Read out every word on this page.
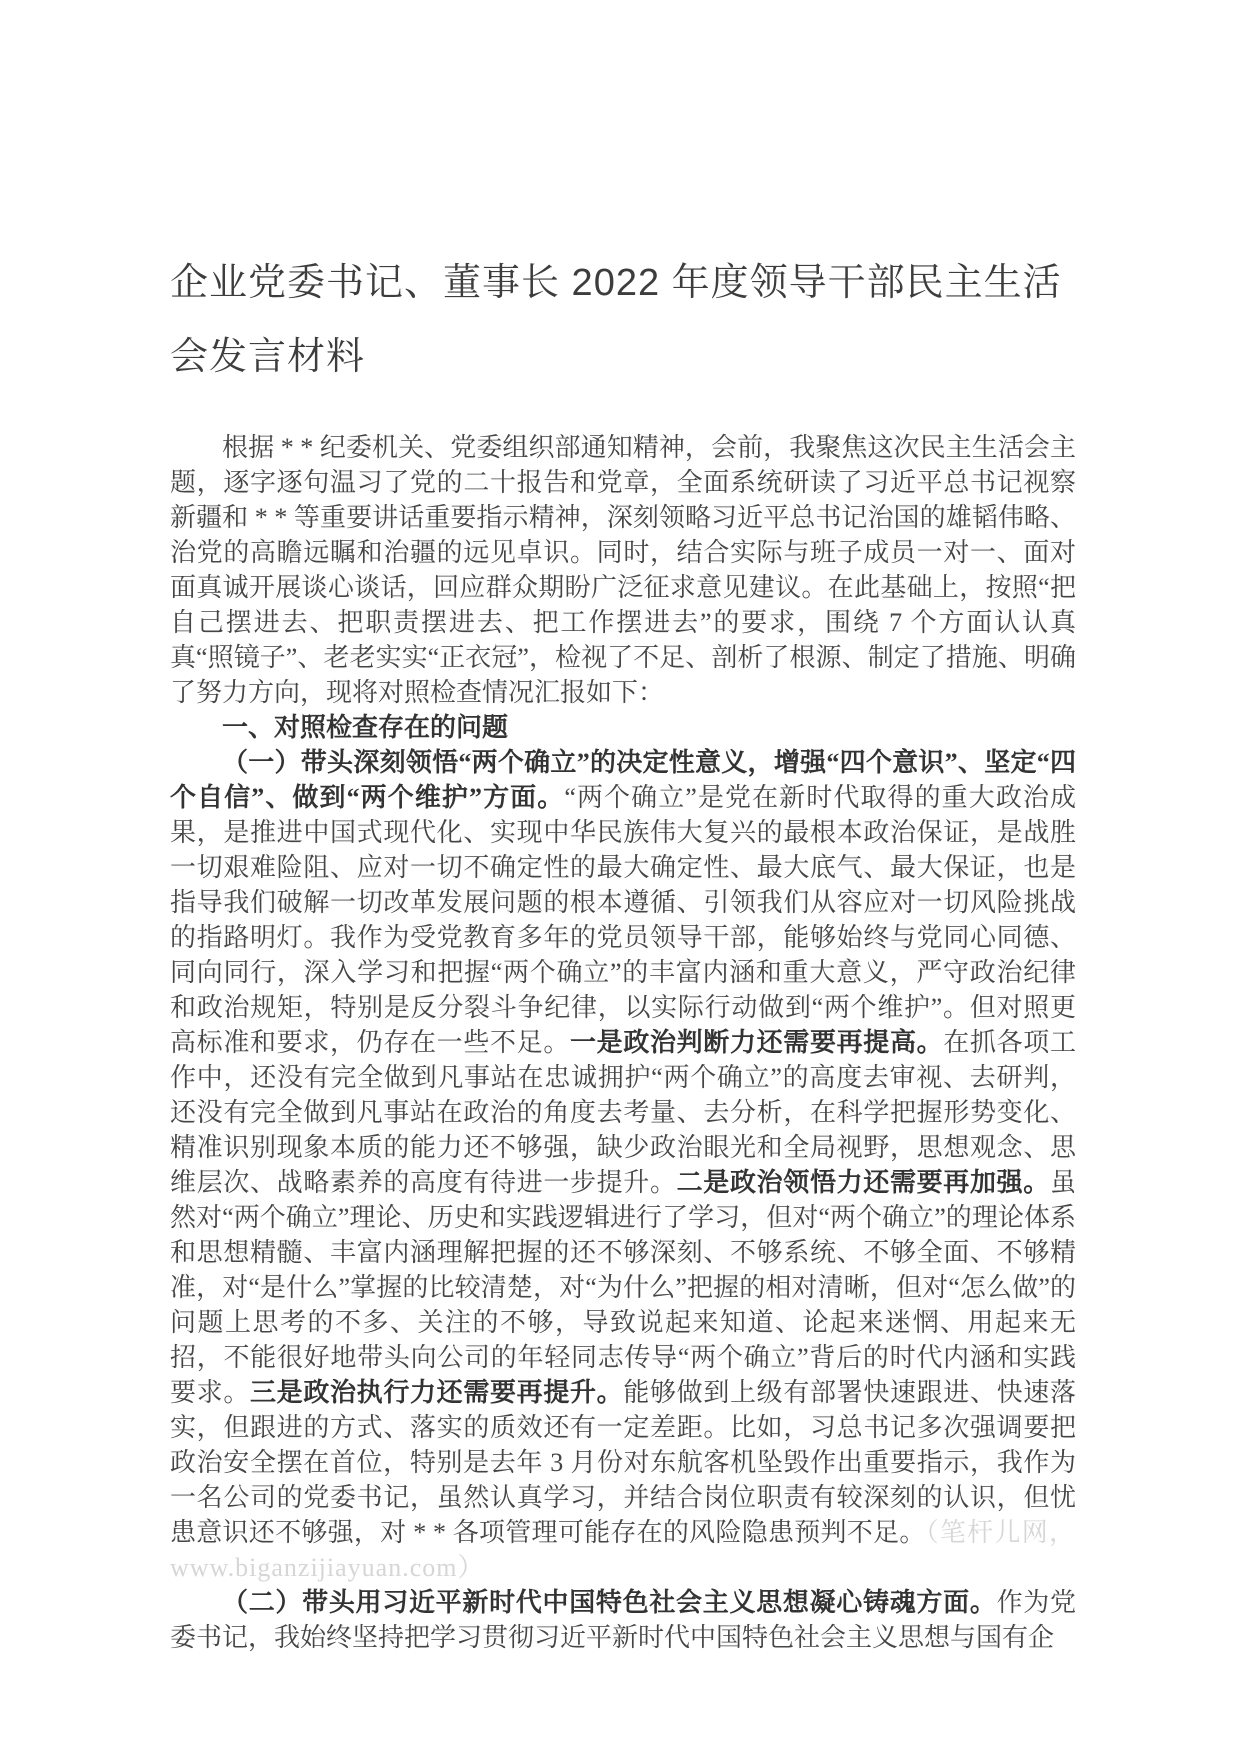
企业党委书记、董事长 2022 年度领导干部民主生活会发言材料

根据 * * 纪委机关、党委组织部通知精神，会前，我聚焦这次民主生活会主题，逐字逐句温习了党的二十报告和党章，全面系统研读了习近平总书记视察新疆和 * * 等重要讲话重要指示精神，深刻领略习近平总书记治国的雄韬伟略、治党的高瞻远瞩和治疆的远见卓识。同时，结合实际与班子成员一对一、面对面真诚开展谈心谈话，回应群众期盼广泛征求意见建议。在此基础上，按照“把自己摆进去、把职责摆进去、把工作摆进去”的要求，围绕 7 个方面认认真真“照镜子”、老老实实“正衣冠”，检视了不足、剖析了根源、制定了措施、明确了努力方向，现将对照检查情况汇报如下：

一、对照检查存在的问题

（一）带头深刻领悟“两个确立”的决定性意义，增强“四个意识”、坚定“四个自信”、做到“两个维护”方面。“两个确立”是党在新时代取得的重大政治成果，是推进中国式现代化、实现中华民族伟大复兴的最根本政治保证，是战胜一切艰难险阻、应对一切不确定性的最大确定性、最大底气、最大保证，也是指导我们破解一切改革发展问题的根本遵循、引领我们从容应对一切风险挑战的指路明灯。我作为受党教育多年的党员领导干部，能够始终与党同心同德、同向同行，深入学习和把握“两个确立”的丰富内涵和重大意义，严守政治纪律和政治规矩，特别是反分裂斗争纪律，以实际行动做到“两个维护”。但对照更高标准和要求，仍存在一些不足。一是政治判断力还需要再提高。在抓各项工作中，还没有完全做到凡事站在忠诚拥护“两个确立”的高度去审视、去研判，还没有完全做到凡事站在政治的角度去考量、去分析，在科学把握形势变化、精准识别现象本质的能力还不够强，缺少政治眼光和全局视野，思想观念、思维层次、战略素养的高度有待进一步提升。二是政治领悟力还需要再加强。虽然对“两个确立”理论、历史和实践逻辑进行了学习，但对“两个确立”的理论体系和思想精髓、丰富内涵理解把握的还不够深刻、不够系统、不够全面、不够精准，对“是什么”掌握的比较清楚，对“为什么”把握的相对清晰，但对“怎么做”的问题上思考的不多、关注的不够，导致说起来知道、论起来迷惘、用起来无招，不能很好地带头向公司的年轻同志传导“两个确立”背后的时代内涵和实践要求。三是政治执行力还需要再提升。能够做到上级有部署快速跟进、快速落实，但跟进的方式、落实的质效还有一定差距。比如，习总书记多次强调要把政治安全摆在首位，特别是去年 3 月份对东航客机坠毁作出重要指示，我作为一名公司的党委书记，虽然认真学习，并结合岗位职责有较深刻的认识，但忧患意识还不够强，对 * * 各项管理可能存在的风险隐患预判不足。（笔杆儿网，www.biganzijiayuan.com）

（二）带头用习近平新时代中国特色社会主义思想凝心铸魂方面。作为党委书记，我始终坚持把学习贯彻习近平新时代中国特色社会主义思想与国有企
